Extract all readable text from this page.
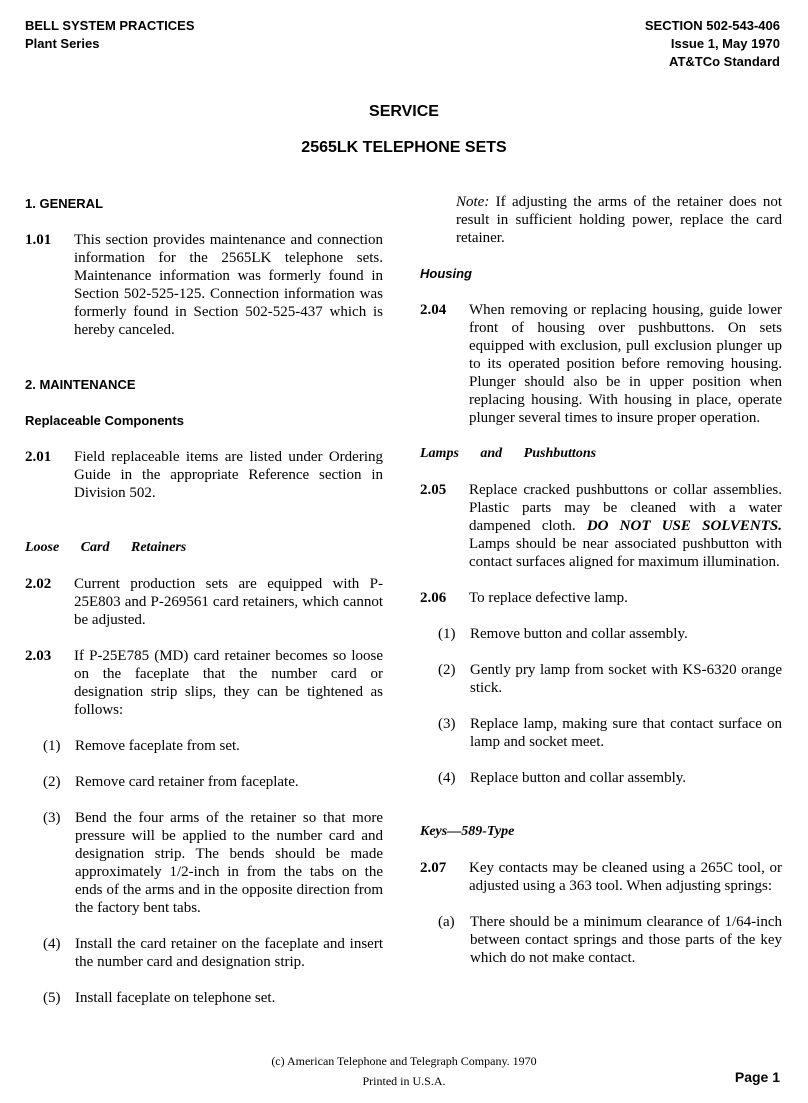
BELL SYSTEM PRACTICES
Plant Series
SECTION 502-543-406
Issue 1, May 1970
AT&TCo Standard
SERVICE
2565LK TELEPHONE SETS

1. GENERAL

1.01 This section provides maintenance and connection information for the 2565LK telephone sets. Maintenance information was formerly found in Section 502-525-125. Connection information was formerly found in Section 502-525-437 which is hereby canceled.

2. MAINTENANCE

Replaceable Components

2.01 Field replaceable items are listed under Ordering Guide in the appropriate Reference section in Division 502.

Loose Card Retainers

2.02 Current production sets are equipped with P-25E803 and P-269561 card retainers, which cannot be adjusted.

2.03 If P-25E785 (MD) card retainer becomes so loose on the faceplate that the number card or designation strip slips, they can be tightened as follows:

(1) Remove faceplate from set.

(2) Remove card retainer from faceplate.

(3) Bend the four arms of the retainer so that more pressure will be applied to the number card and designation strip. The bends should be made approximately 1/2-inch in from the tabs on the ends of the arms and in the opposite direction from the factory bent tabs.

(4) Install the card retainer on the faceplate and insert the number card and designation strip.

(5) Install faceplate on telephone set.

Note: If adjusting the arms of the retainer does not result in sufficient holding power, replace the card retainer.

Housing

2.04 When removing or replacing housing, guide lower front of housing over pushbuttons. On sets equipped with exclusion, pull exclusion plunger up to its operated position before removing housing. Plunger should also be in upper position when replacing housing. With housing in place, operate plunger several times to insure proper operation.

Lamps and Pushbuttons

2.05 Replace cracked pushbuttons or collar assemblies. Plastic parts may be cleaned with a water dampened cloth. DO NOT USE SOLVENTS. Lamps should be near associated pushbutton with contact surfaces aligned for maximum illumination.

2.06 To replace defective lamp.

(1) Remove button and collar assembly.

(2) Gently pry lamp from socket with KS-6320 orange stick.

(3) Replace lamp, making sure that contact surface on lamp and socket meet.

(4) Replace button and collar assembly.

Keys—589-Type

2.07 Key contacts may be cleaned using a 265C tool, or adjusted using a 363 tool. When adjusting springs:

(a) There should be a minimum clearance of 1/64-inch between contact springs and those parts of the key which do not make contact.

(c) American Telephone and Telegraph Company. 1970
Printed in U.S.A.	Page 1
